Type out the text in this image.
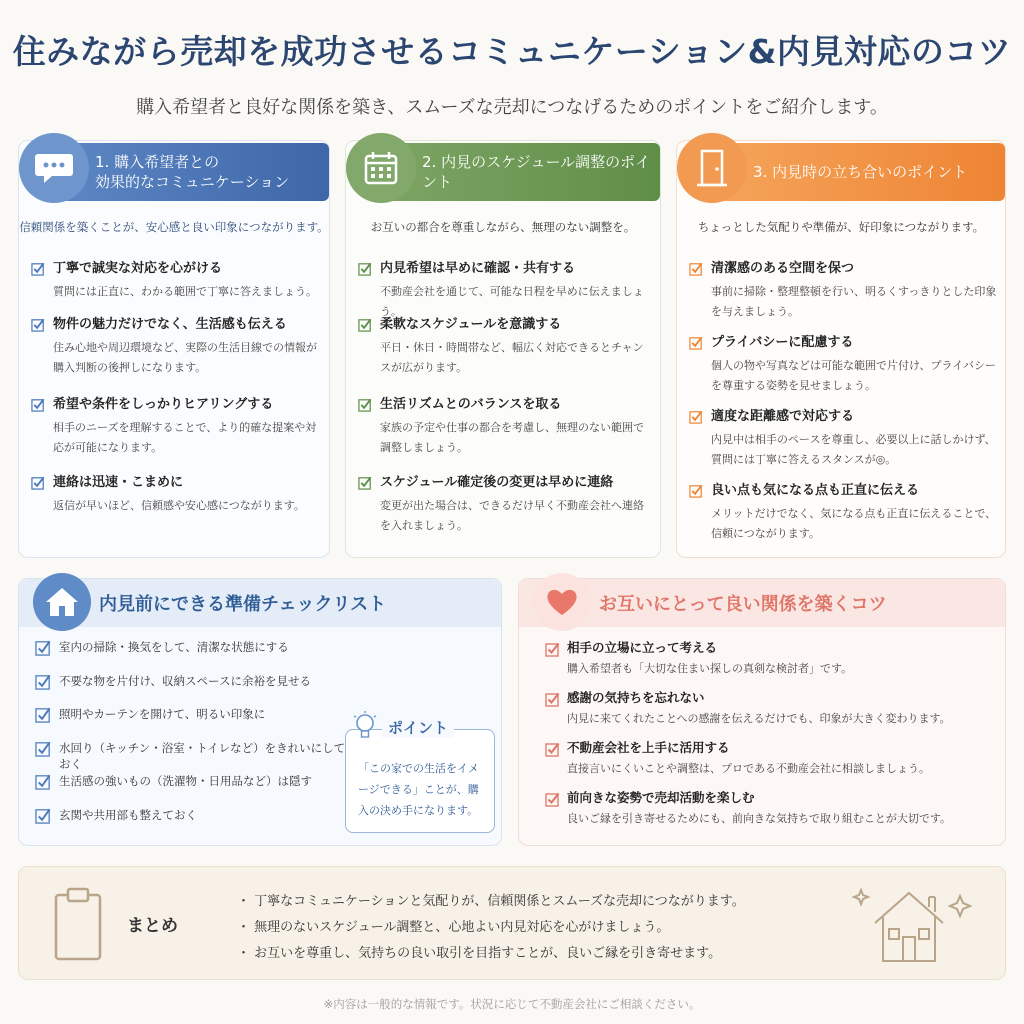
住みながら売却を成功させるコミュニケーション&内見対応のコツ
購入希望者と良好な関係を築き、スムーズな売却につなげるためのポイントをご紹介します。
1. 購入希望者との
効果的なコミュニケーション
信頼関係を築くことが、安心感と良い印象につながります。
丁寧で誠実な対応を心がける
質問には正直に、わかる範囲で丁寧に答えましょう。
物件の魅力だけでなく、生活感も伝える
住み心地や周辺環境など、実際の生活目線での情報が購入判断の後押しになります。
希望や条件をしっかりヒアリングする
相手のニーズを理解することで、より的確な提案や対応が可能になります。
連絡は迅速・こまめに
返信が早いほど、信頼感や安心感につながります。
2. 内見のスケジュール調整のポイント
お互いの都合を尊重しながら、無理のない調整を。
内見希望は早めに確認・共有する
不動産会社を通じて、可能な日程を早めに伝えましょう。
柔軟なスケジュールを意識する
平日・休日・時間帯など、幅広く対応できるとチャンスが広がります。
生活リズムとのバランスを取る
家族の予定や仕事の都合を考慮し、無理のない範囲で調整しましょう。
スケジュール確定後の変更は早めに連絡
変更が出た場合は、できるだけ早く不動産会社へ連絡を入れましょう。
3. 内見時の立ち合いのポイント
ちょっとした気配りや準備が、好印象につながります。
清潔感のある空間を保つ
事前に掃除・整理整頓を行い、明るくすっきりとした印象を与えましょう。
プライバシーに配慮する
個人の物や写真などは可能な範囲で片付け、プライバシーを尊重する姿勢を見せましょう。
適度な距離感で対応する
内見中は相手のペースを尊重し、必要以上に話しかけず、質問には丁寧に答えるスタンスが◎。
良い点も気になる点も正直に伝える
メリットだけでなく、気になる点も正直に伝えることで、信頼につながります。
内見前にできる準備チェックリスト
室内の掃除・換気をして、清潔な状態にする
不要な物を片付け、収納スペースに余裕を見せる
照明やカーテンを開けて、明るい印象に
水回り（キッチン・浴室・トイレなど）をきれいにしておく
生活感の強いもの（洗濯物・日用品など）は隠す
玄関や共用部も整えておく
ポイント
「この家での生活をイメージできる」ことが、購入の決め手になります。
お互いにとって良い関係を築くコツ
相手の立場に立って考える
購入希望者も「大切な住まい探しの真剣な検討者」です。
感謝の気持ちを忘れない
内見に来てくれたことへの感謝を伝えるだけでも、印象が大きく変わります。
不動産会社を上手に活用する
直接言いにくいことや調整は、プロである不動産会社に相談しましょう。
前向きな姿勢で売却活動を楽しむ
良いご縁を引き寄せるためにも、前向きな気持ちで取り組むことが大切です。
まとめ
・ 丁寧なコミュニケーションと気配りが、信頼関係とスムーズな売却につながります。
・ 無理のないスケジュール調整と、心地よい内見対応を心がけましょう。
・ お互いを尊重し、気持ちの良い取引を目指すことが、良いご縁を引き寄せます。
※内容は一般的な情報です。状況に応じて不動産会社にご相談ください。
